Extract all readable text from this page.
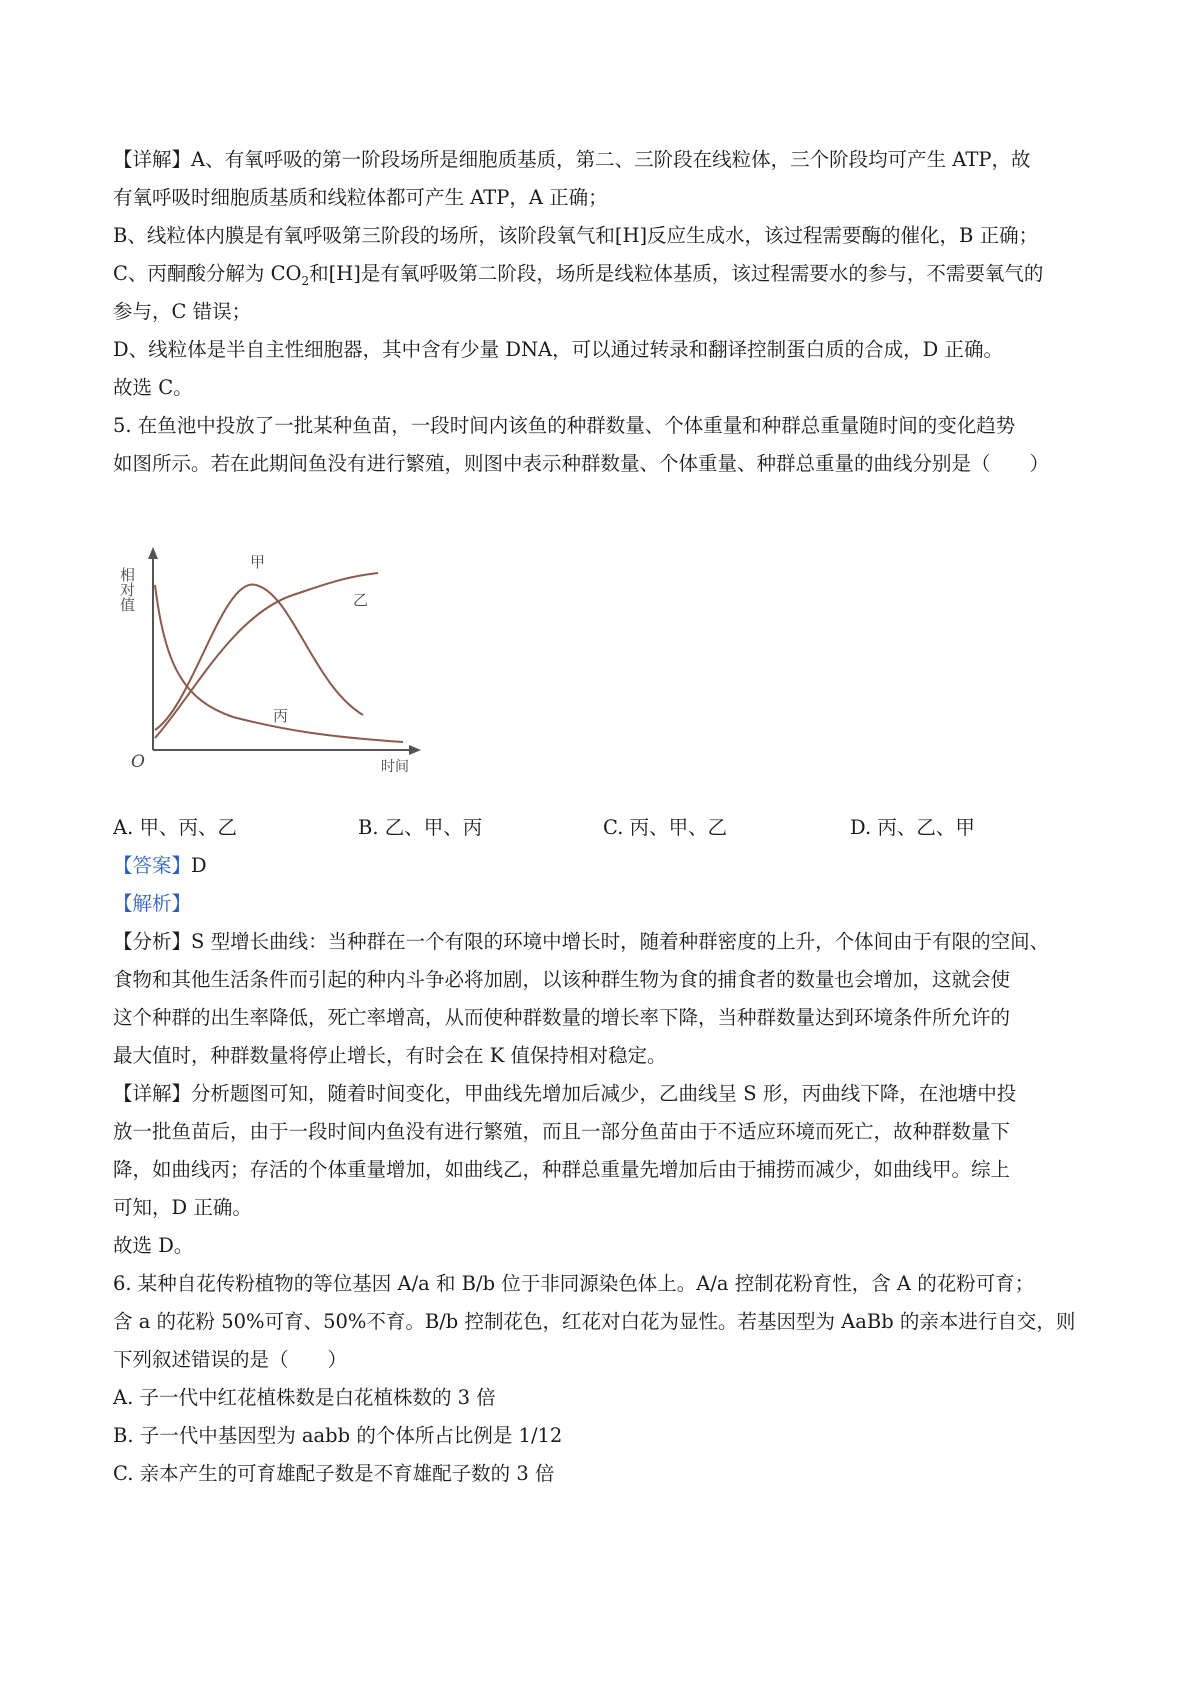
【详解】A、有氧呼吸的第一阶段场所是细胞质基质，第二、三阶段在线粒体，三个阶段均可产生 ATP，故
有氧呼吸时细胞质基质和线粒体都可产生 ATP，A 正确；
B、线粒体内膜是有氧呼吸第三阶段的场所，该阶段氧气和[H]反应生成水，该过程需要酶的催化，B 正确；
C、丙酮酸分解为 $CO_2$和[H]是有氧呼吸第二阶段，场所是线粒体基质，该过程需要水的参与，不需要氧气的
参与，C 错误；
D、线粒体是半自主性细胞器，其中含有少量 DNA，可以通过转录和翻译控制蛋白质的合成，D 正确。
故选 C。
5. 在鱼池中投放了一批某种鱼苗，一段时间内该鱼的种群数量、个体重量和种群总重量随时间的变化趋势
如图所示。若在此期间鱼没有进行繁殖，则图中表示种群数量、个体重量、种群总重量的曲线分别是（　　）
相对值
甲
乙
丙
O	时间
A. 甲、丙、乙	B. 乙、甲、丙	C. 丙、甲、乙	D. 丙、乙、甲
【答案】D
【解析】
【分析】S 型增长曲线：当种群在一个有限的环境中增长时，随着种群密度的上升，个体间由于有限的空间、
食物和其他生活条件而引起的种内斗争必将加剧，以该种群生物为食的捕食者的数量也会增加，这就会使
这个种群的出生率降低，死亡率增高，从而使种群数量的增长率下降，当种群数量达到环境条件所允许的
最大值时，种群数量将停止增长，有时会在 K 值保持相对稳定。
【详解】分析题图可知，随着时间变化，甲曲线先增加后减少，乙曲线呈 S 形，丙曲线下降，在池塘中投
放一批鱼苗后，由于一段时间内鱼没有进行繁殖，而且一部分鱼苗由于不适应环境而死亡，故种群数量下
降，如曲线丙；存活的个体重量增加，如曲线乙，种群总重量先增加后由于捕捞而减少，如曲线甲。综上
可知，D 正确。
故选 D。
6. 某种自花传粉植物的等位基因 A/a 和 B/b 位于非同源染色体上。A/a 控制花粉育性，含 A 的花粉可育；
含 a 的花粉 50%可育、50%不育。B/b 控制花色，红花对白花为显性。若基因型为 AaBb 的亲本进行自交，则
下列叙述错误的是（　　）
A. 子一代中红花植株数是白花植株数的 3 倍
B. 子一代中基因型为 aabb 的个体所占比例是 1/12
C. 亲本产生的可育雄配子数是不育雄配子数的 3 倍
